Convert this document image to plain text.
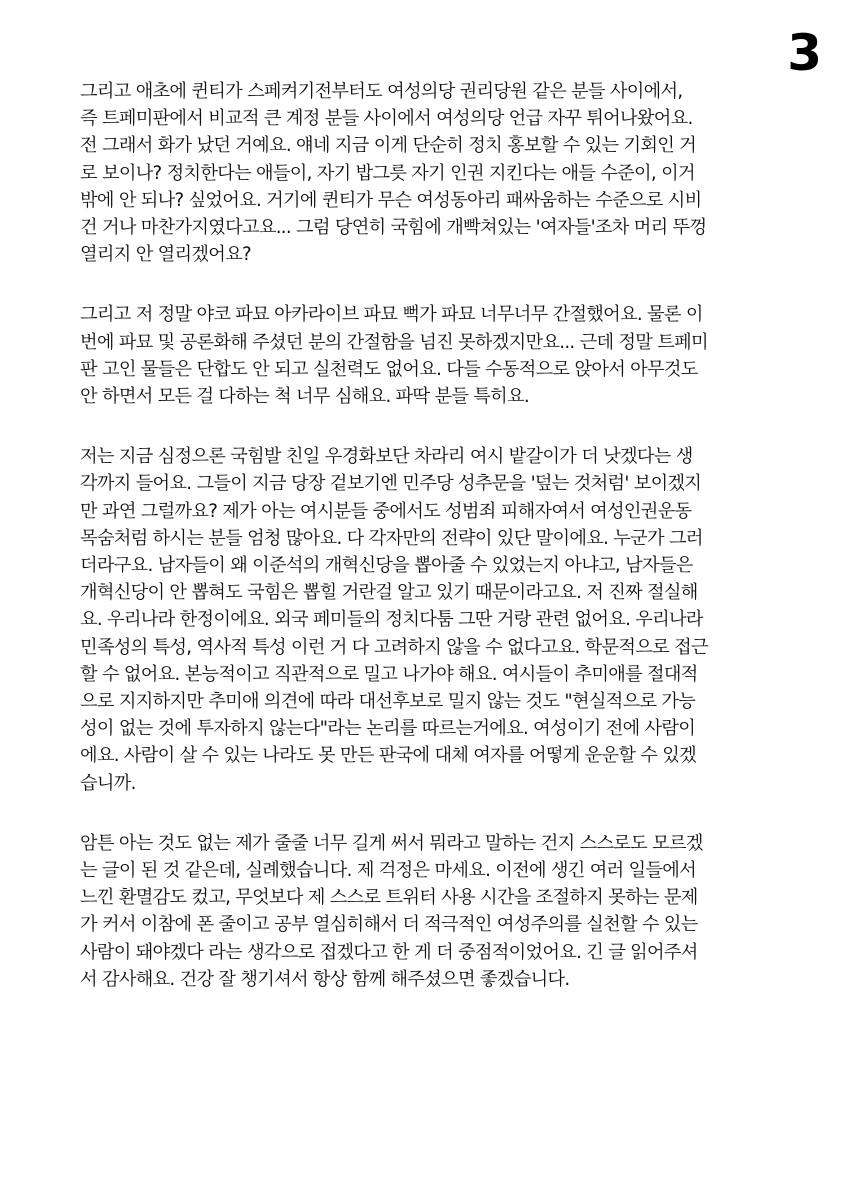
3
그리고 애초에 퀸티가 스페켜기전부터도 여성의당 권리당원 같은 분들 사이에서,
즉 트페미판에서 비교적 큰 계정 분들 사이에서 여성의당 언급 자꾸 튀어나왔어요.
전 그래서 화가 났던 거예요. 얘네 지금 이게 단순히 정치 홍보할 수 있는 기회인 거
로 보이나? 정치한다는 애들이, 자기 밥그릇 자기 인권 지킨다는 애들 수준이, 이거
밖에 안 되나? 싶었어요. 거기에 퀸티가 무슨 여성동아리 패싸움하는 수준으로 시비
건 거나 마찬가지였다고요... 그럼 당연히 국힘에 개빡쳐있는 '여자들'조차 머리 뚜껑
열리지 안 열리겠어요?
그리고 저 정말 야코 파묘 아카라이브 파묘 뻑가 파묘 너무너무 간절했어요. 물론 이
번에 파묘 및 공론화해 주셨던 분의 간절함을 넘진 못하겠지만요... 근데 정말 트페미
판 고인 물들은 단합도 안 되고 실천력도 없어요. 다들 수동적으로 앉아서 아무것도
안 하면서 모든 걸 다하는 척 너무 심해요. 파딱 분들 특히요.
저는 지금 심정으론 국힘발 친일 우경화보단 차라리 여시 밭갈이가 더 낫겠다는 생
각까지 들어요. 그들이 지금 당장 겉보기엔 민주당 성추문을 '덮는 것처럼' 보이겠지
만 과연 그럴까요? 제가 아는 여시분들 중에서도 성범죄 피해자여서 여성인권운동
목숨처럼 하시는 분들 엄청 많아요. 다 각자만의 전략이 있단 말이에요. 누군가 그러
더라구요. 남자들이 왜 이준석의 개혁신당을 뽑아줄 수 있었는지 아냐고, 남자들은
개혁신당이 안 뽑혀도 국힘은 뽑힐 거란걸 알고 있기 때문이라고요. 저 진짜 절실해
요. 우리나라 한정이에요. 외국 페미들의 정치다툼 그딴 거랑 관련 없어요. 우리나라
민족성의 특성, 역사적 특성 이런 거 다 고려하지 않을 수 없다고요. 학문적으로 접근
할 수 없어요. 본능적이고 직관적으로 밀고 나가야 해요. 여시들이 추미애를 절대적
으로 지지하지만 추미애 의견에 따라 대선후보로 밀지 않는 것도 "현실적으로 가능
성이 없는 것에 투자하지 않는다"라는 논리를 따르는거에요. 여성이기 전에 사람이
에요. 사람이 살 수 있는 나라도 못 만든 판국에 대체 여자를 어떻게 운운할 수 있겠
습니까.
암튼 아는 것도 없는 제가 줄줄 너무 길게 써서 뭐라고 말하는 건지 스스로도 모르겠
는 글이 된 것 같은데, 실례했습니다. 제 걱정은 마세요. 이전에 생긴 여러 일들에서
느낀 환멸감도 컸고, 무엇보다 제 스스로 트위터 사용 시간을 조절하지 못하는 문제
가 커서 이참에 폰 줄이고 공부 열심히해서 더 적극적인 여성주의를 실천할 수 있는
사람이 돼야겠다 라는 생각으로 접겠다고 한 게 더 중점적이었어요. 긴 글 읽어주셔
서 감사해요. 건강 잘 챙기셔서 항상 함께 해주셨으면 좋겠습니다.
